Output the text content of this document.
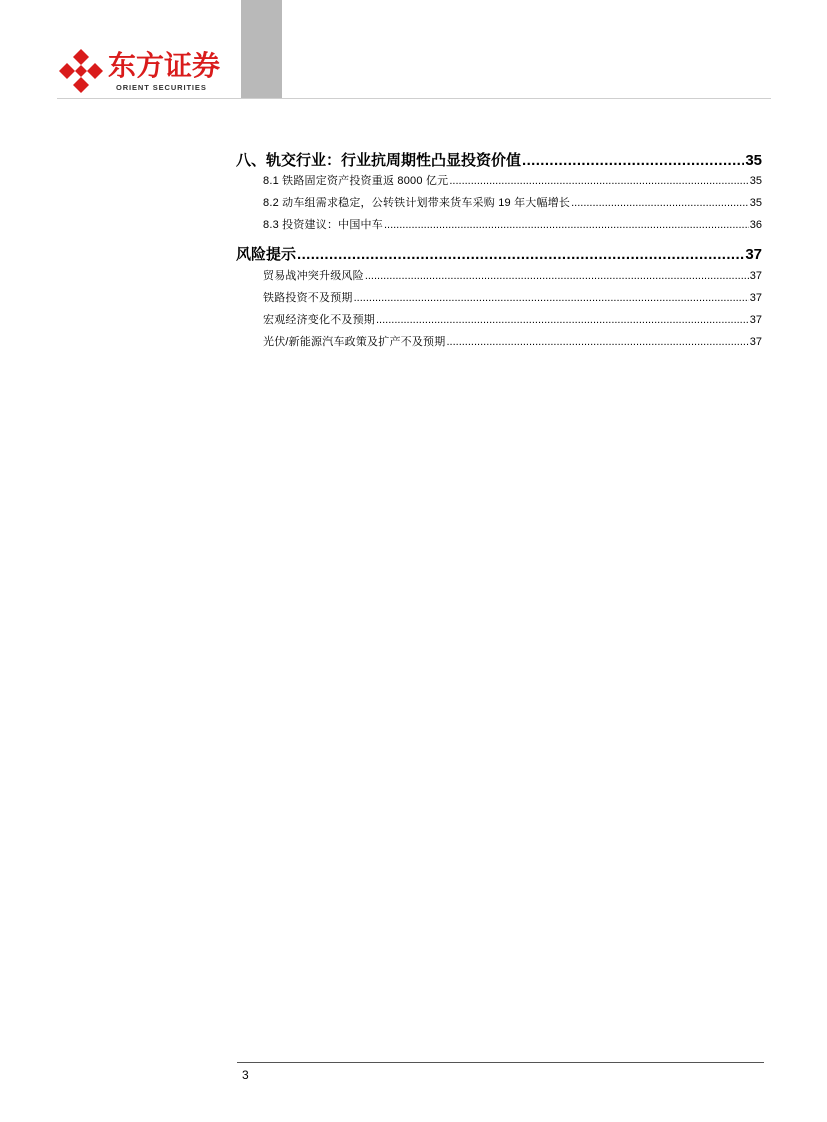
东方证券
ORIENT SECURITIES
八、轨交行业：行业抗周期性凸显投资价值 .....	35
8.1 铁路固定资产投资重返 8000 亿元 .....	35
8.2 动车组需求稳定，公转铁计划带来货车采购 19 年大幅增长 .....	35
8.3 投资建议：中国中车 .....	36
风险提示 .....	37
贸易战冲突升级风险 .....	37
铁路投资不及预期 .....	37
宏观经济变化不及预期 .....	37
光伏/新能源汽车政策及扩产不及预期 .....	37
3
